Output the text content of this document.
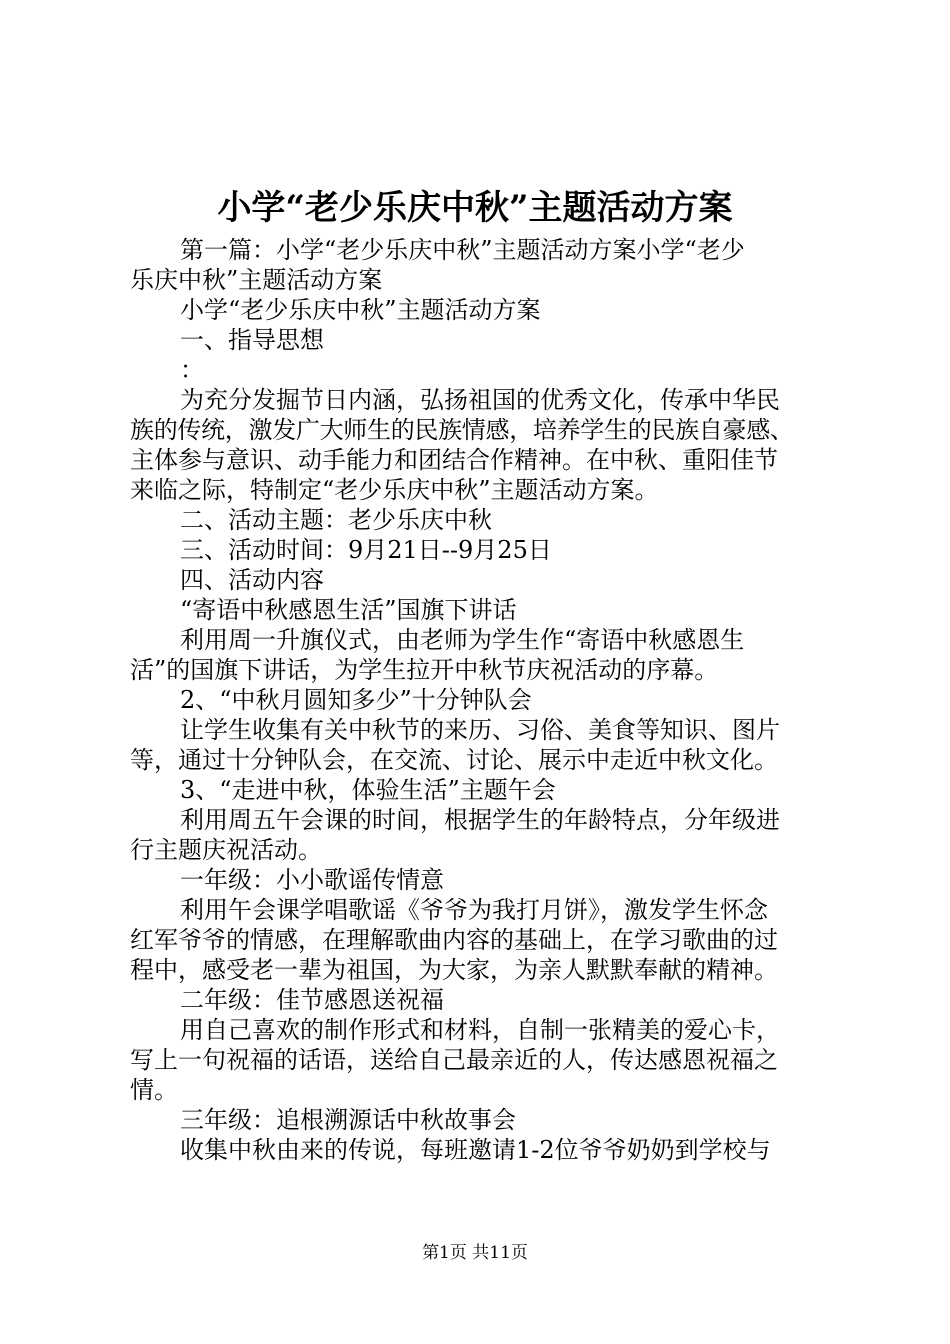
小学“老少乐庆中秋”主题活动方案
第一篇：小学“老少乐庆中秋”主题活动方案小学“老少
乐庆中秋”主题活动方案
小学“老少乐庆中秋”主题活动方案
一、指导思想
：
为充分发掘节日内涵，弘扬祖国的优秀文化，传承中华民
族的传统，激发广大师生的民族情感，培养学生的民族自豪感、
主体参与意识、动手能力和团结合作精神。在中秋、重阳佳节
来临之际，特制定“老少乐庆中秋”主题活动方案。
二、活动主题：老少乐庆中秋
三、活动时间：9月21日--9月25日
四、活动内容
“寄语中秋感恩生活”国旗下讲话
利用周一升旗仪式，由老师为学生作“寄语中秋感恩生
活”的国旗下讲话，为学生拉开中秋节庆祝活动的序幕。
2、“中秋月圆知多少”十分钟队会
让学生收集有关中秋节的来历、习俗、美食等知识、图片
等，通过十分钟队会，在交流、讨论、展示中走近中秋文化。
3、“走进中秋，体验生活”主题午会
利用周五午会课的时间，根据学生的年龄特点，分年级进
行主题庆祝活动。
一年级：小小歌谣传情意
利用午会课学唱歌谣《爷爷为我打月饼》，激发学生怀念
红军爷爷的情感，在理解歌曲内容的基础上，在学习歌曲的过
程中，感受老一辈为祖国，为大家，为亲人默默奉献的精神。
二年级：佳节感恩送祝福
用自己喜欢的制作形式和材料，自制一张精美的爱心卡，
写上一句祝福的话语，送给自己最亲近的人，传达感恩祝福之
情。
三年级：追根溯源话中秋故事会
收集中秋由来的传说，每班邀请1-2位爷爷奶奶到学校与
第1页 共11页
